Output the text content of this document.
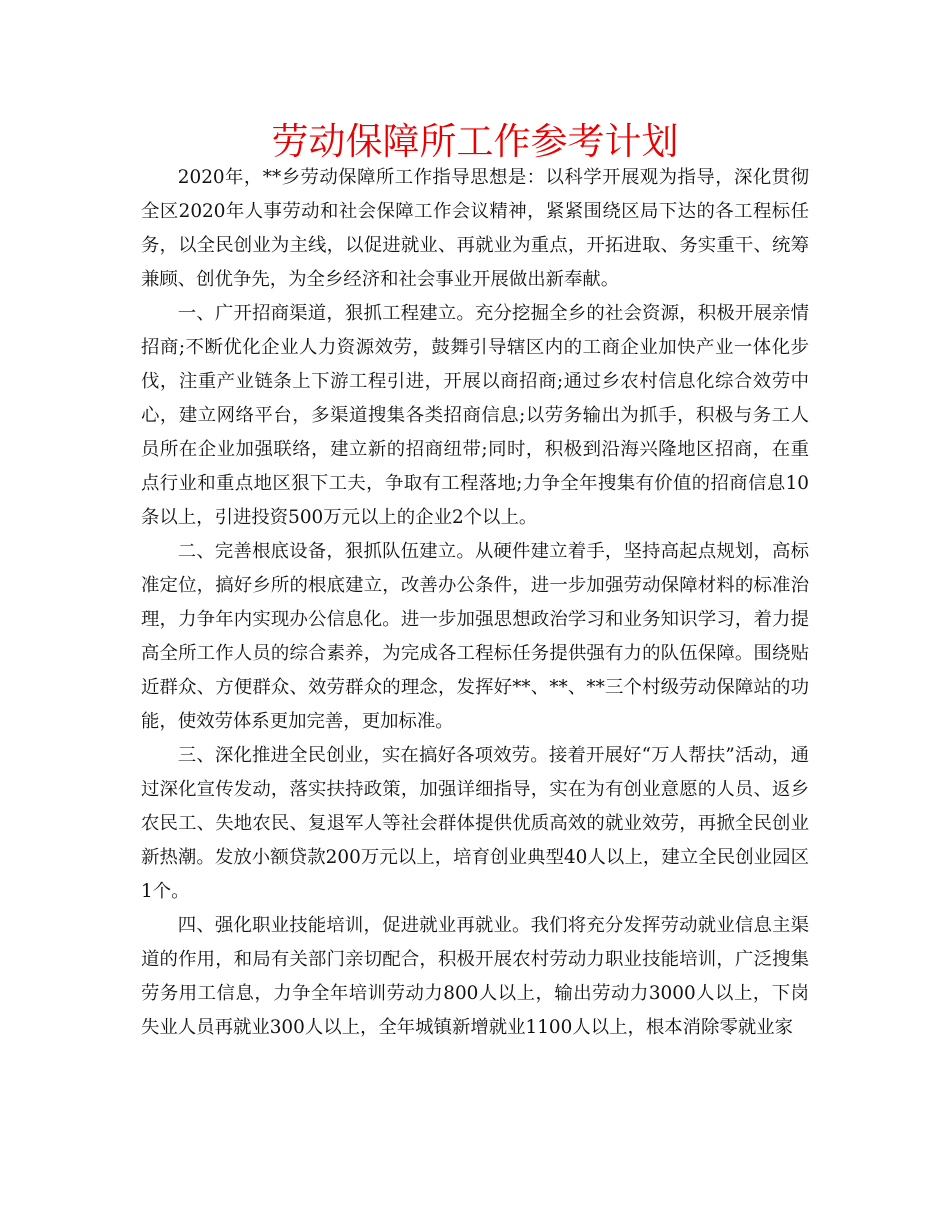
劳动保障所工作参考计划

2020年，**乡劳动保障所工作指导思想是：以科学开展观为指导，深化贯彻全区2020年人事劳动和社会保障工作会议精神，紧紧围绕区局下达的各工程标任务，以全民创业为主线，以促进就业、再就业为重点，开拓进取、务实重干、统筹兼顾、创优争先，为全乡经济和社会事业开展做出新奉献。

一、广开招商渠道，狠抓工程建立。充分挖掘全乡的社会资源，积极开展亲情招商;不断优化企业人力资源效劳，鼓舞引导辖区内的工商企业加快产业一体化步伐，注重产业链条上下游工程引进，开展以商招商;通过乡农村信息化综合效劳中心，建立网络平台，多渠道搜集各类招商信息;以劳务输出为抓手，积极与务工人员所在企业加强联络，建立新的招商纽带;同时，积极到沿海兴隆地区招商，在重点行业和重点地区狠下工夫，争取有工程落地;力争全年搜集有价值的招商信息10条以上，引进投资500万元以上的企业2个以上。

二、完善根底设备，狠抓队伍建立。从硬件建立着手，坚持高起点规划，高标准定位，搞好乡所的根底建立，改善办公条件，进一步加强劳动保障材料的标准治理，力争年内实现办公信息化。进一步加强思想政治学习和业务知识学习，着力提高全所工作人员的综合素养，为完成各工程标任务提供强有力的队伍保障。围绕贴近群众、方便群众、效劳群众的理念，发挥好**、**、**三个村级劳动保障站的功能，使效劳体系更加完善，更加标准。

三、深化推进全民创业，实在搞好各项效劳。接着开展好“万人帮扶”活动，通过深化宣传发动，落实扶持政策，加强详细指导，实在为有创业意愿的人员、返乡农民工、失地农民、复退军人等社会群体提供优质高效的就业效劳，再掀全民创业新热潮。发放小额贷款200万元以上，培育创业典型40人以上，建立全民创业园区1个。

四、强化职业技能培训，促进就业再就业。我们将充分发挥劳动就业信息主渠道的作用，和局有关部门亲切配合，积极开展农村劳动力职业技能培训，广泛搜集劳务用工信息，力争全年培训劳动力800人以上，输出劳动力3000人以上，下岗失业人员再就业300人以上，全年城镇新增就业1100人以上，根本消除零就业家
